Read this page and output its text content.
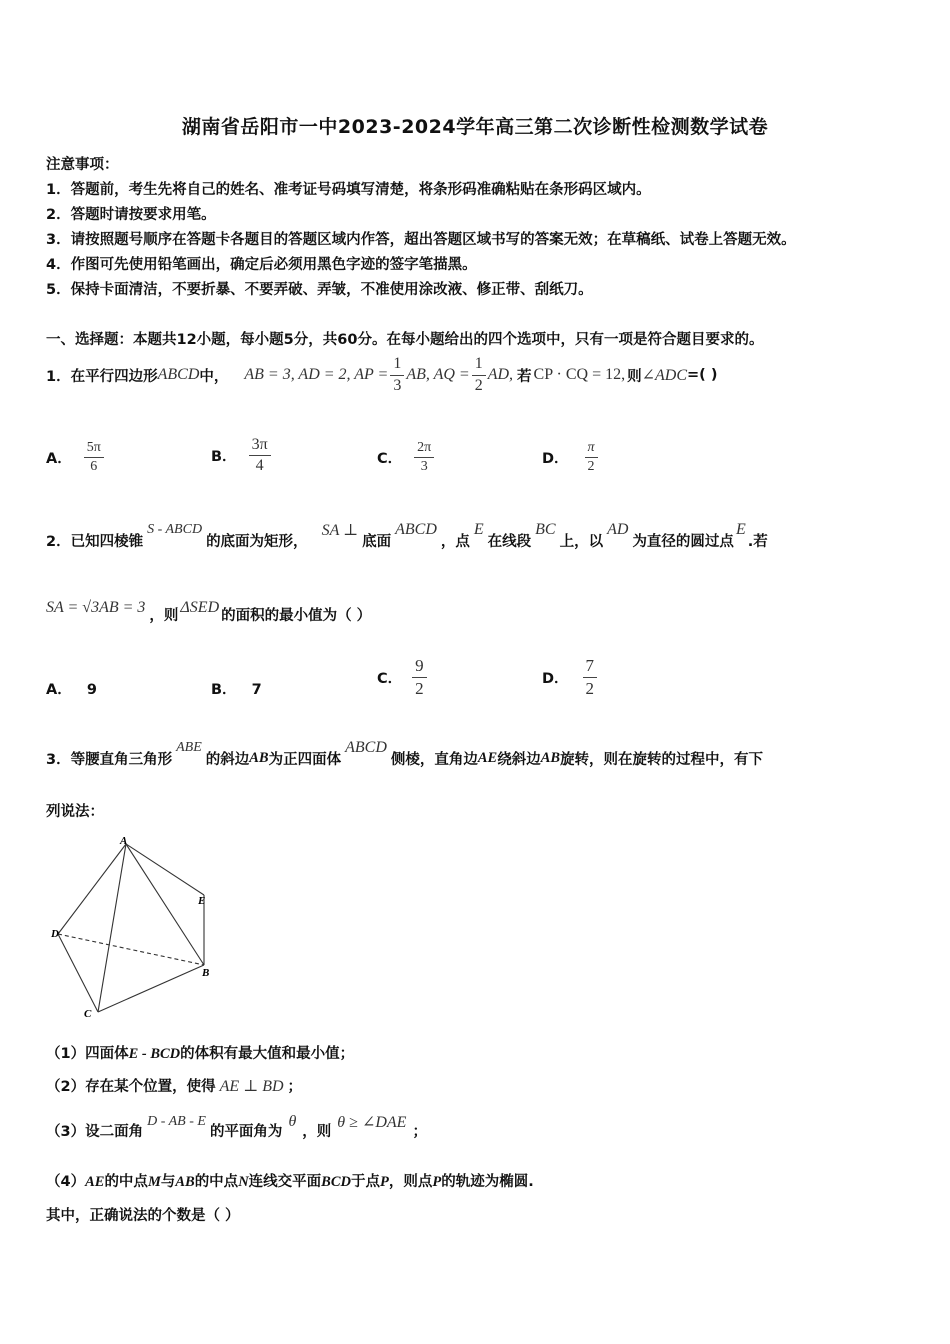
湖南省岳阳市一中2023-2024学年高三第二次诊断性检测数学试卷
注意事项：
1．答题前，考生先将自己的姓名、准考证号码填写清楚，将条形码准确粘贴在条形码区域内。
2．答题时请按要求用笔。
3．请按照题号顺序在答题卡各题目的答题区域内作答，超出答题区域书写的答案无效；在草稿纸、试卷上答题无效。
4．作图可先使用铅笔画出，确定后必须用黑色字迹的签字笔描黑。
5．保持卡面清洁，不要折暴、不要弄破、弄皱，不准使用涂改液、修正带、刮纸刀。
一、选择题：本题共12小题，每小题5分，共60分。在每小题给出的四个选项中，只有一项是符合题目要求的。
1．在平行四边形 ABCD 中， AB = 3, AD = 2, AP = $\frac{1}{3}$ AB, AQ = $\frac{1}{2}$ AD, 若 CP · CQ = 12, 则 ∠ADC =( )
A． $\frac{5\pi}{6}$	B． $\frac{3\pi}{4}$	C． $\frac{2\pi}{3}$	D． $\frac{\pi}{2}$
2．已知四棱锥
S - ABCD
的底面为矩形，
SA ⊥
底面
ABCD
，点
E
在线段
BC
上，以
AD
为直径的圆过点
E
.若
SA = √3AB = 3 ，则 ΔSED 的面积的最小值为（ ）
A． 9	B． 7
C． $\frac{9}{2}$	D． $\frac{7}{2}$
3．等腰直角三角形
ABE
的斜边 AB 为正四面体
ABCD
侧棱，直角边 AE 绕斜边 AB 旋转，则在旋转的过程中，有下
列说法：
A
E
D
B
C
（1）四面体E - BCD的体积有最大值和最小值；
（2）存在某个位置，使得 AE ⊥ BD ；
（3）设二面角
D - AB - E
的平面角为
θ
，则
θ ≥ ∠DAE
；
（4）AE的中点M与AB的中点N连线交平面BCD于点P，则点P的轨迹为椭圆.
其中，正确说法的个数是（ ）
